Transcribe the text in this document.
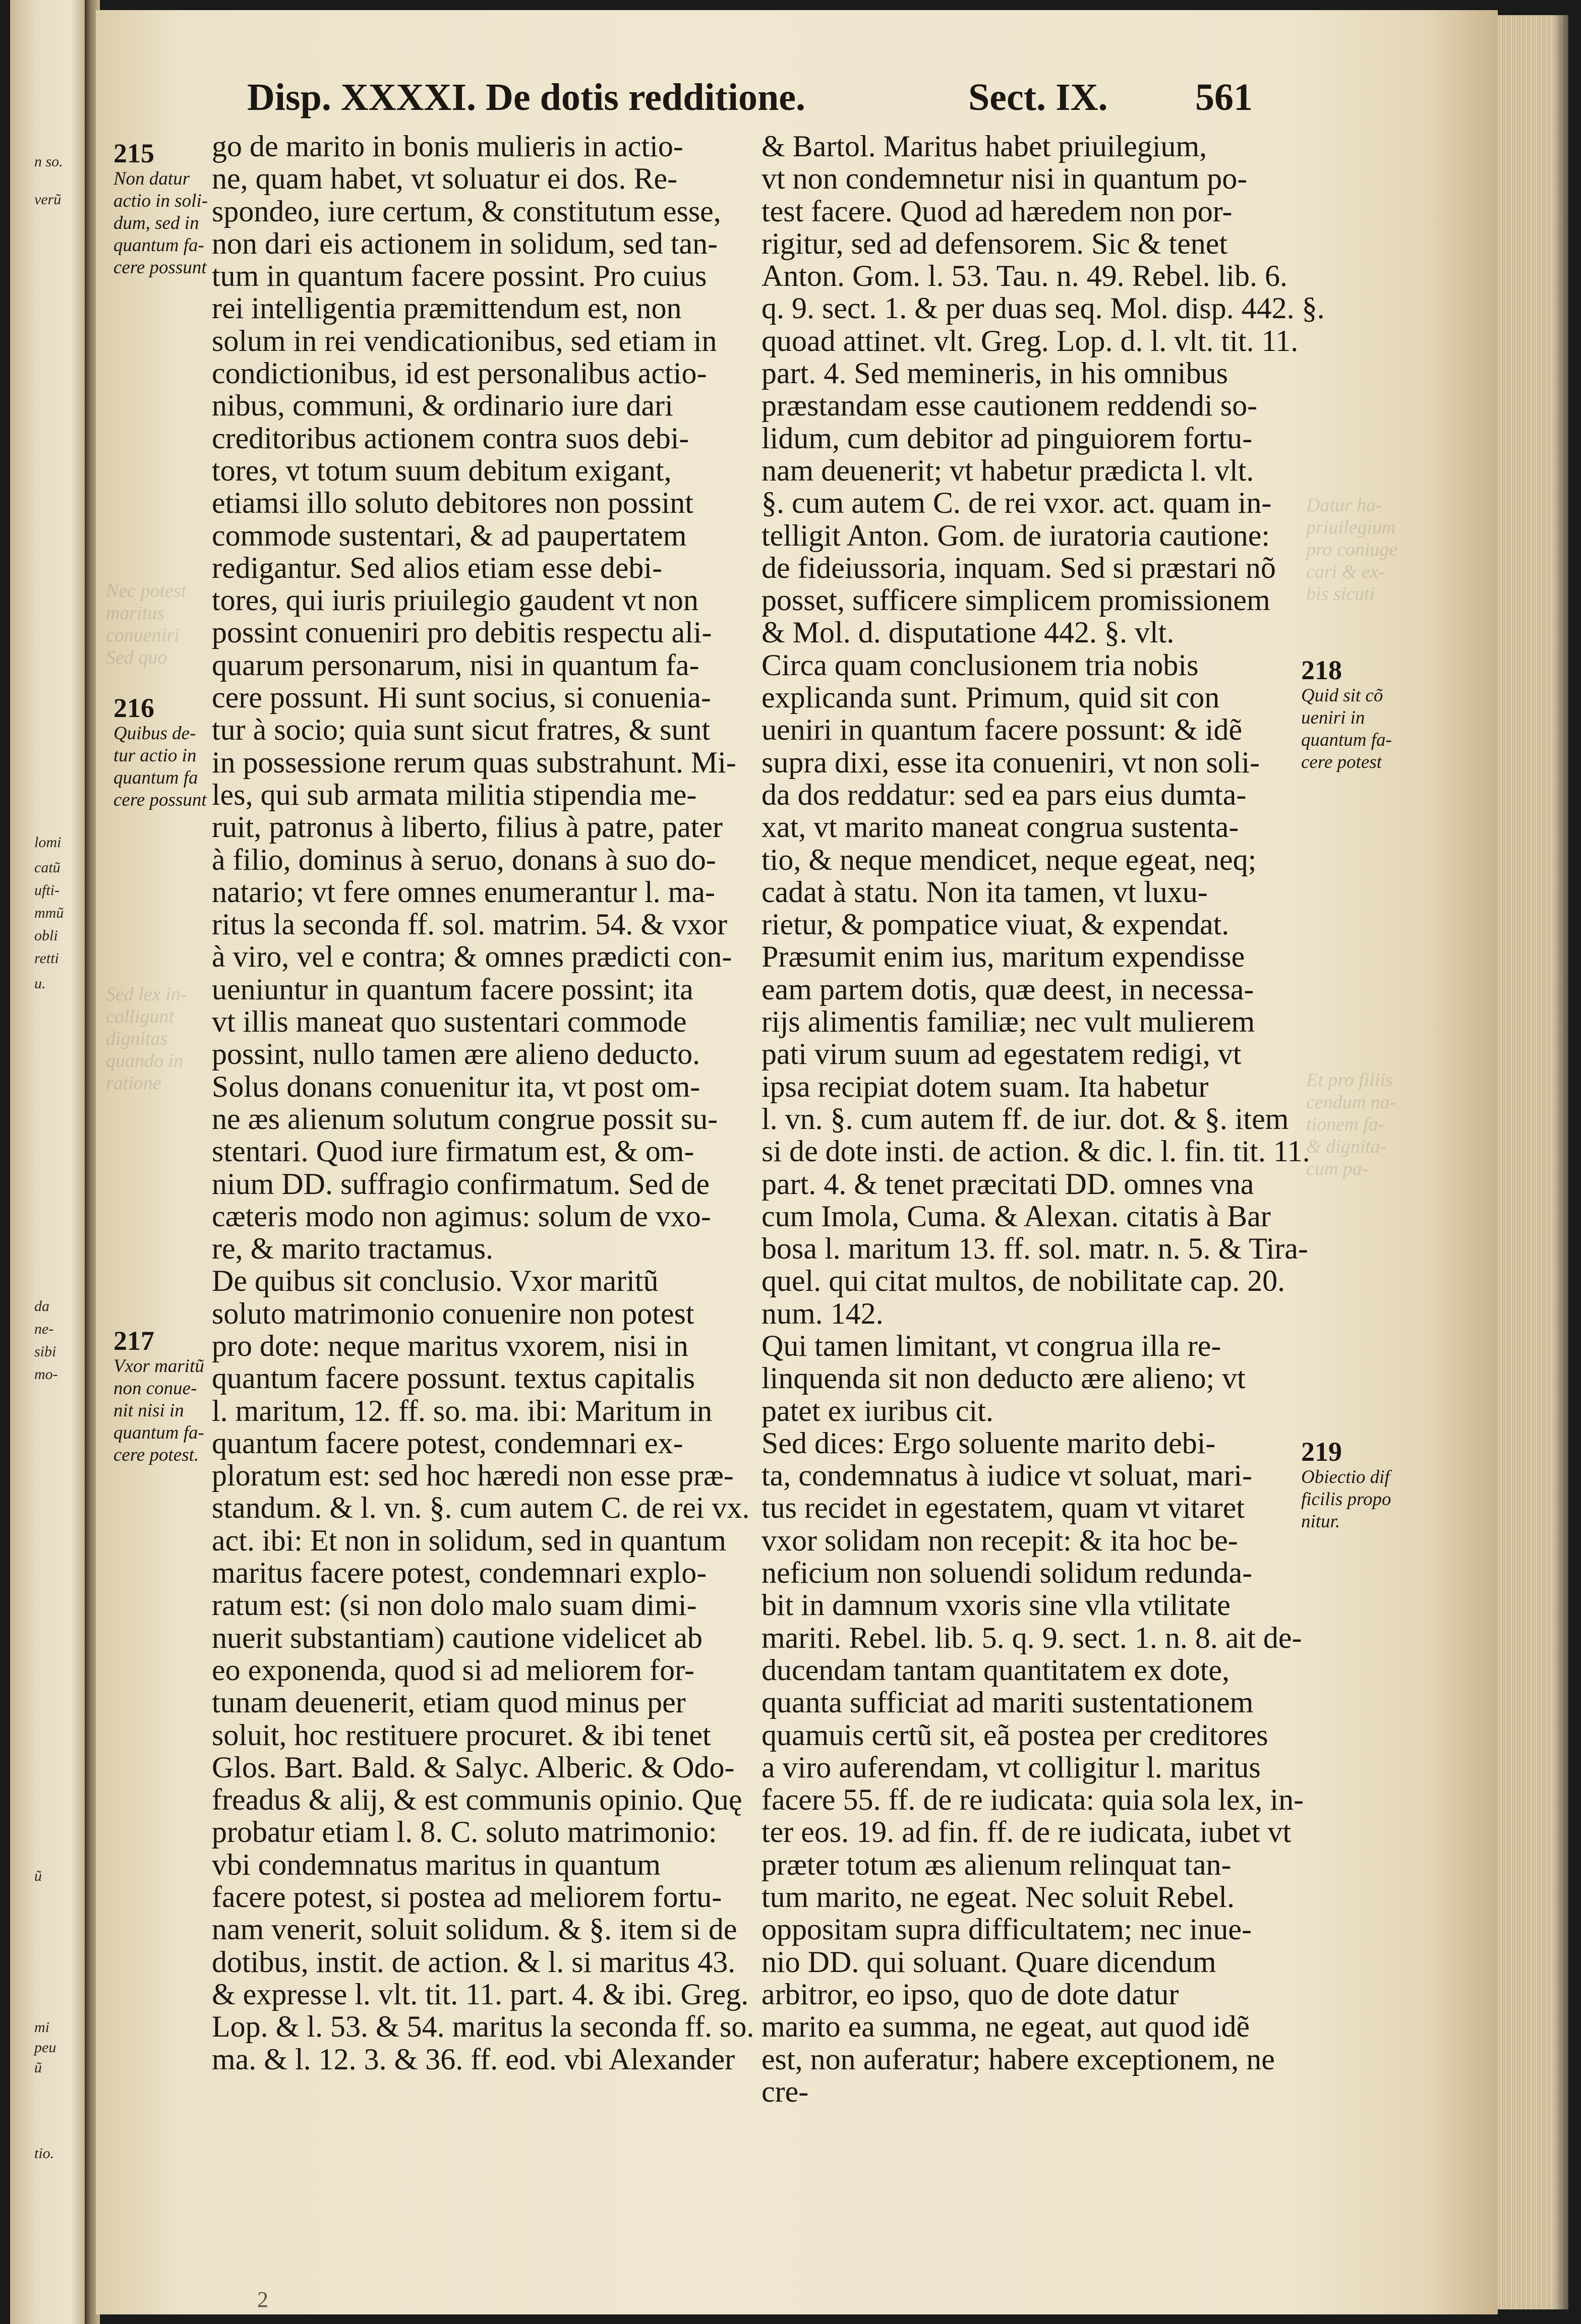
n so.
verũ
lomi
catũ
ufti-
mmũ
obli
retti
u.
da
ne-
sibi
mo-
ũ
mi
peu
ũ
tio.
Disp. XXXXI. De dotis redditione.	Sect. IX. 561

go de marito in bonis mulieris in actio-

ne, quam habet, vt soluatur ei dos. Re-

spondeo, iure certum, & constitutum esse,

non dari eis actionem in solidum, sed tan-

tum in quantum facere possint. Pro cuius

rei intelligentia præmittendum est, non

solum in rei vendicationibus, sed etiam in

condictionibus, id est personalibus actio-

nibus, communi, & ordinario iure dari

creditoribus actionem contra suos debi-

tores, vt totum suum debitum exigant,

etiamsi illo soluto debitores non possint

commode sustentari, & ad paupertatem

redigantur. Sed alios etiam esse debi-

tores, qui iuris priuilegio gaudent vt non

possint conueniri pro debitis respectu ali-

quarum personarum, nisi in quantum fa-

cere possunt. Hi sunt socius, si conuenia-

tur à socio; quia sunt sicut fratres, & sunt

in possessione rerum quas substrahunt. Mi-

les, qui sub armata militia stipendia me-

ruit, patronus à liberto, filius à patre, pater

à filio, dominus à seruo, donans à suo do-

natario; vt fere omnes enumerantur l. ma-

ritus la seconda ff. sol. matrim. 54. & vxor

à viro, vel e contra; & omnes prædicti con-

ueniuntur in quantum facere possint; ita

vt illis maneat quo sustentari commode

possint, nullo tamen ære alieno deducto.

Solus donans conuenitur ita, vt post om-

ne æs alienum solutum congrue possit su-

stentari. Quod iure firmatum est, & om-

nium DD. suffragio confirmatum. Sed de

cæteris modo non agimus: solum de vxo-

re, & marito tractamus.

De quibus sit conclusio. Vxor maritũ

soluto matrimonio conuenire non potest

pro dote: neque maritus vxorem, nisi in

quantum facere possunt. textus capitalis

l. maritum, 12. ff. so. ma. ibi: Maritum in

quantum facere potest, condemnari ex-

ploratum est: sed hoc hæredi non esse præ-

standum. & l. vn. §. cum autem C. de rei vx.

act. ibi: Et non in solidum, sed in quantum

maritus facere potest, condemnari explo-

ratum est: (si non dolo malo suam dimi-

nuerit substantiam) cautione videlicet ab

eo exponenda, quod si ad meliorem for-

tunam deuenerit, etiam quod minus per

soluit, hoc restituere procuret. & ibi tenet

Glos. Bart. Bald. & Salyc. Alberic. & Odo-

freadus & alij, & est communis opinio. Quę

probatur etiam l. 8. C. soluto matrimonio:

vbi condemnatus maritus in quantum

facere potest, si postea ad meliorem fortu-

nam venerit, soluit solidum. & §. item si de

dotibus, instit. de action. & l. si maritus 43.

& expresse l. vlt. tit. 11. part. 4. & ibi. Greg.

Lop. & l. 53. & 54. maritus la seconda ff. so.

ma. & l. 12. 3. & 36. ff. eod. vbi Alexander

& Bartol. Maritus habet priuilegium,

vt non condemnetur nisi in quantum po-

test facere. Quod ad hæredem non por-

rigitur, sed ad defensorem. Sic & tenet

Anton. Gom. l. 53. Tau. n. 49. Rebel. lib. 6.

q. 9. sect. 1. & per duas seq. Mol. disp. 442. §.

quoad attinet. vlt. Greg. Lop. d. l. vlt. tit. 11.

part. 4. Sed memineris, in his omnibus

præstandam esse cautionem reddendi so-

lidum, cum debitor ad pinguiorem fortu-

nam deuenerit; vt habetur prædicta l. vlt.

§. cum autem C. de rei vxor. act. quam in-

telligit Anton. Gom. de iuratoria cautione:

de fideiussoria, inquam. Sed si præstari nõ

posset, sufficere simplicem promissionem

& Mol. d. disputatione 442. §. vlt.

Circa quam conclusionem tria nobis

explicanda sunt. Primum, quid sit con

ueniri in quantum facere possunt: & idẽ

supra dixi, esse ita conueniri, vt non soli-

da dos reddatur: sed ea pars eius dumta-

xat, vt marito maneat congrua sustenta-

tio, & neque mendicet, neque egeat, neq;

cadat à statu. Non ita tamen, vt luxu-

rietur, & pompatice viuat, & expendat.

Præsumit enim ius, maritum expendisse

eam partem dotis, quæ deest, in necessa-

rijs alimentis familiæ; nec vult mulierem

pati virum suum ad egestatem redigi, vt

ipsa recipiat dotem suam. Ita habetur

l. vn. §. cum autem ff. de iur. dot. & §. item

si de dote insti. de action. & dic. l. fin. tit. 11.

part. 4. & tenet præcitati DD. omnes vna

cum Imola, Cuma. & Alexan. citatis à Bar

bosa l. maritum 13. ff. sol. matr. n. 5. & Tira-

quel. qui citat multos, de nobilitate cap. 20.

num. 142.

Qui tamen limitant, vt congrua illa re-

linquenda sit non deducto ære alieno; vt

patet ex iuribus cit.

Sed dices: Ergo soluente marito debi-

ta, condemnatus à iudice vt soluat, mari-

tus recidet in egestatem, quam vt vitaret

vxor solidam non recepit: & ita hoc be-

neficium non soluendi solidum redunda-

bit in damnum vxoris sine vlla vtilitate

mariti. Rebel. lib. 5. q. 9. sect. 1. n. 8. ait de-

ducendam tantam quantitatem ex dote,

quanta sufficiat ad mariti sustentationem

quamuis certũ sit, eã postea per creditores

a viro auferendam, vt colligitur l. maritus

facere 55. ff. de re iudicata: quia sola lex, in-

ter eos. 19. ad fin. ff. de re iudicata, iubet vt

præter totum æs alienum relinquat tan-

tum marito, ne egeat. Nec soluit Rebel.

oppositam supra difficultatem; nec inue-

nio DD. qui soluant. Quare dicendum

arbitror, eo ipso, quo de dote datur

marito ea summa, ne egeat, aut quod idẽ

est, non auferatur; habere exceptionem, ne

cre-

215

Non datur

actio in soli-

dum, sed in

quantum fa-

cere possunt

216

Quibus de-

tur actio in

quantum fa

cere possunt

217

Vxor maritũ

non conue-

nit nisi in

quantum fa-

cere potest.

218

Quid sit cõ

ueniri in

quantum fa-

cere potest

219

Obiectio dif

ficilis propo

nitur.

Datur ha-

priuilegium

pro coniuge

cari & ex-

bis sicuti

Et pro filiis

cendum na-

tionem fa-

& dignita-

cum pa-

Nec potest

maritus

conueniri

Sed quo

Sed lex in-

colligunt

dignitas

quando in

ratione

2
